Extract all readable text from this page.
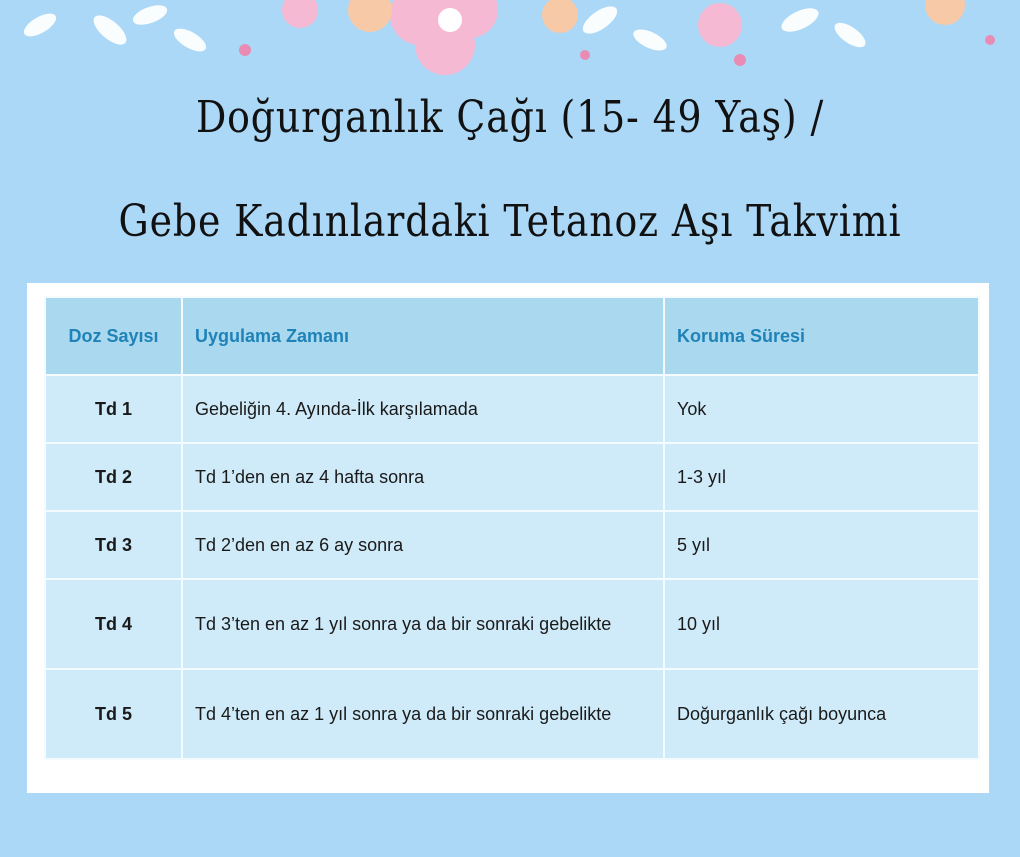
Doğurganlık Çağı (15- 49 Yaş) /
Gebe Kadınlardaki Tetanoz Aşı Takvimi
Doz Sayısı	Uygulama Zamanı	Koruma Süresi
Td 1	Gebeliğin 4. Ayında-İlk karşılamada	Yok
Td 2	Td 1’den en az 4 hafta sonra	1-3 yıl
Td 3	Td 2’den en az 6 ay sonra	5 yıl
Td 4	Td 3’ten en az 1 yıl sonra ya da bir sonraki gebelikte	10 yıl
Td 5	Td 4’ten en az 1 yıl sonra ya da bir sonraki gebelikte	Doğurganlık çağı boyunca
